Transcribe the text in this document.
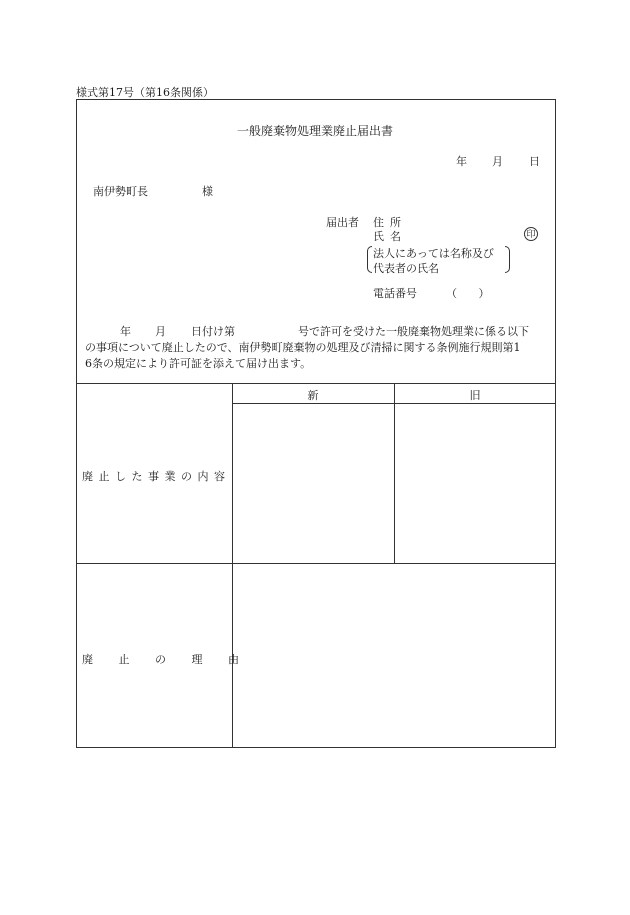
様式第17号（第16条関係）
一般廃棄物処理業廃止届出書
年 月 日
南伊勢町長	様
届出者 住所
氏名	印
法人にあっては名称及び
代表者の氏名
電話番号	（ ）
年 月 日付け第	号で許可を受けた一般廃棄物処理業に係る以下
の事項について廃止したので、南伊勢町廃棄物の処理及び清掃に関する条例施行規則第1
6条の規定により許可証を添えて届け出ます。
新	旧
廃止した事業の内容
廃 止 の 理 由
